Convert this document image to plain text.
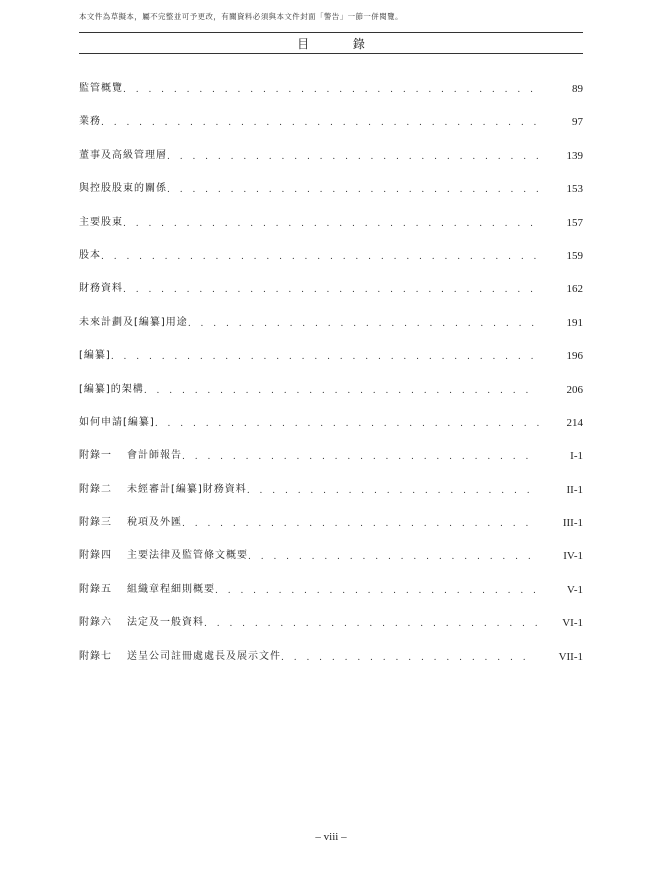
本文件為草擬本，屬不完整並可予更改，有關資料必須與本文件封面「警告」一節一併閱覽。
目 錄
監管概覽 . . .	89
業務 . . .	97
董事及高級管理層 . . .	139
與控股股東的關係 . . .	153
主要股東 . . .	157
股本 . . .	159
財務資料 . . .	162
未來計劃及[編纂]用途 . . .	191
[編纂] . . .	196
[編纂]的架構 . . .	206
如何申請[編纂] . . .	214
附錄一	會計師報告 . . .	I-1
附錄二	未經審計[編纂]財務資料 . . .	II-1
附錄三	稅項及外匯 . . .	III-1
附錄四	主要法律及監管條文概要 . . .	IV-1
附錄五	組織章程細則概要 . . .	V-1
附錄六	法定及一般資料 . . .	VI-1
附錄七	送呈公司註冊處處長及展示文件 . . .	VII-1
– viii –
